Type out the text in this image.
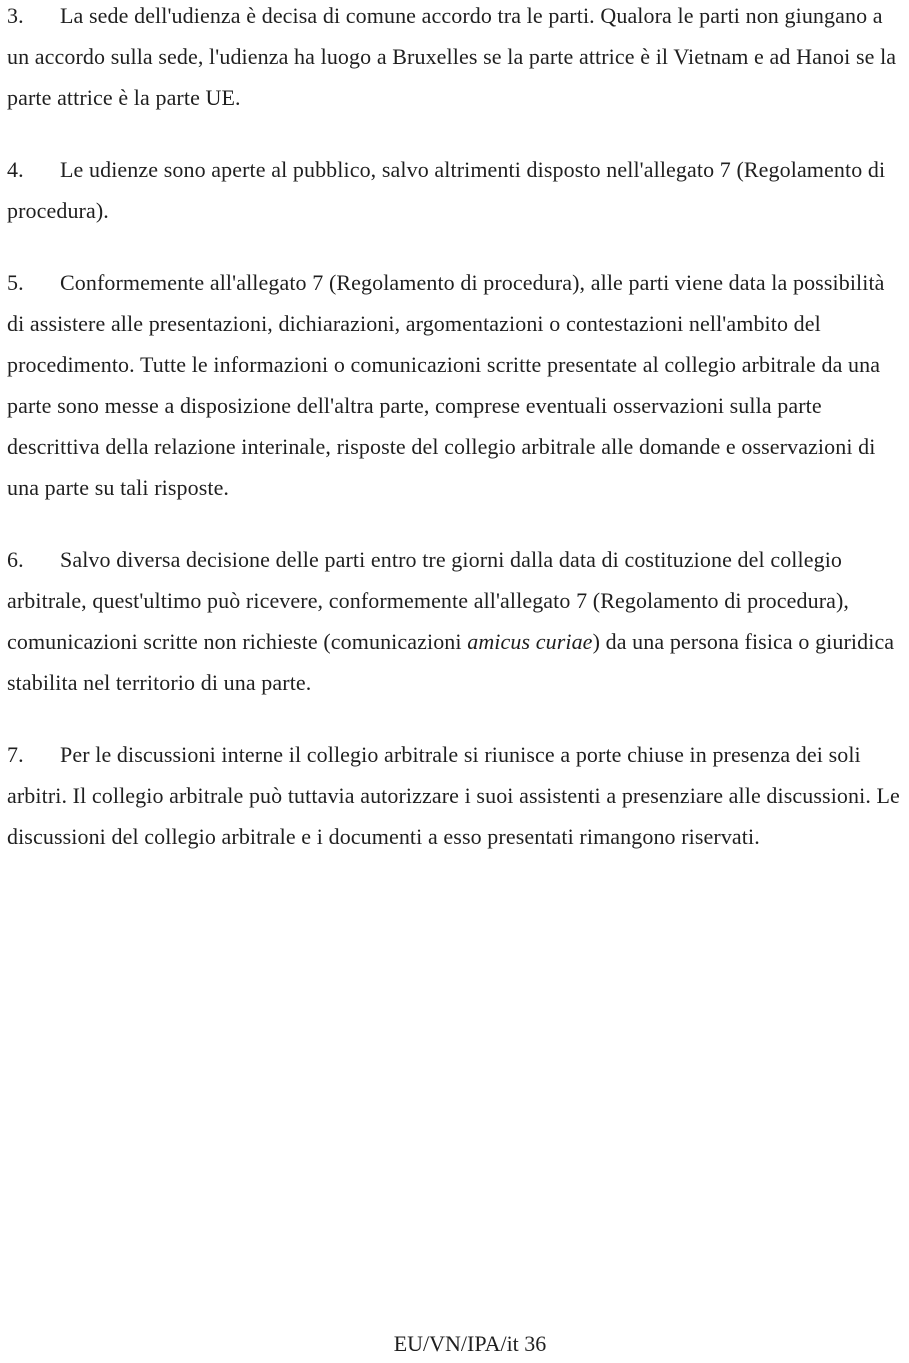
3. La sede dell'udienza è decisa di comune accordo tra le parti. Qualora le parti non giungano a un accordo sulla sede, l'udienza ha luogo a Bruxelles se la parte attrice è il Vietnam e ad Hanoi se la parte attrice è la parte UE.

4. Le udienze sono aperte al pubblico, salvo altrimenti disposto nell'allegato 7 (Regolamento di procedura).

5. Conformemente all'allegato 7 (Regolamento di procedura), alle parti viene data la possibilità di assistere alle presentazioni, dichiarazioni, argomentazioni o contestazioni nell'ambito del procedimento. Tutte le informazioni o comunicazioni scritte presentate al collegio arbitrale da una parte sono messe a disposizione dell'altra parte, comprese eventuali osservazioni sulla parte descrittiva della relazione interinale, risposte del collegio arbitrale alle domande e osservazioni di una parte su tali risposte.

6. Salvo diversa decisione delle parti entro tre giorni dalla data di costituzione del collegio arbitrale, quest'ultimo può ricevere, conformemente all'allegato 7 (Regolamento di procedura), comunicazioni scritte non richieste (comunicazioni amicus curiae) da una persona fisica o giuridica stabilita nel territorio di una parte.

7. Per le discussioni interne il collegio arbitrale si riunisce a porte chiuse in presenza dei soli arbitri. Il collegio arbitrale può tuttavia autorizzare i suoi assistenti a presenziare alle discussioni. Le discussioni del collegio arbitrale e i documenti a esso presentati rimangono riservati.

EU/VN/IPA/it 36
